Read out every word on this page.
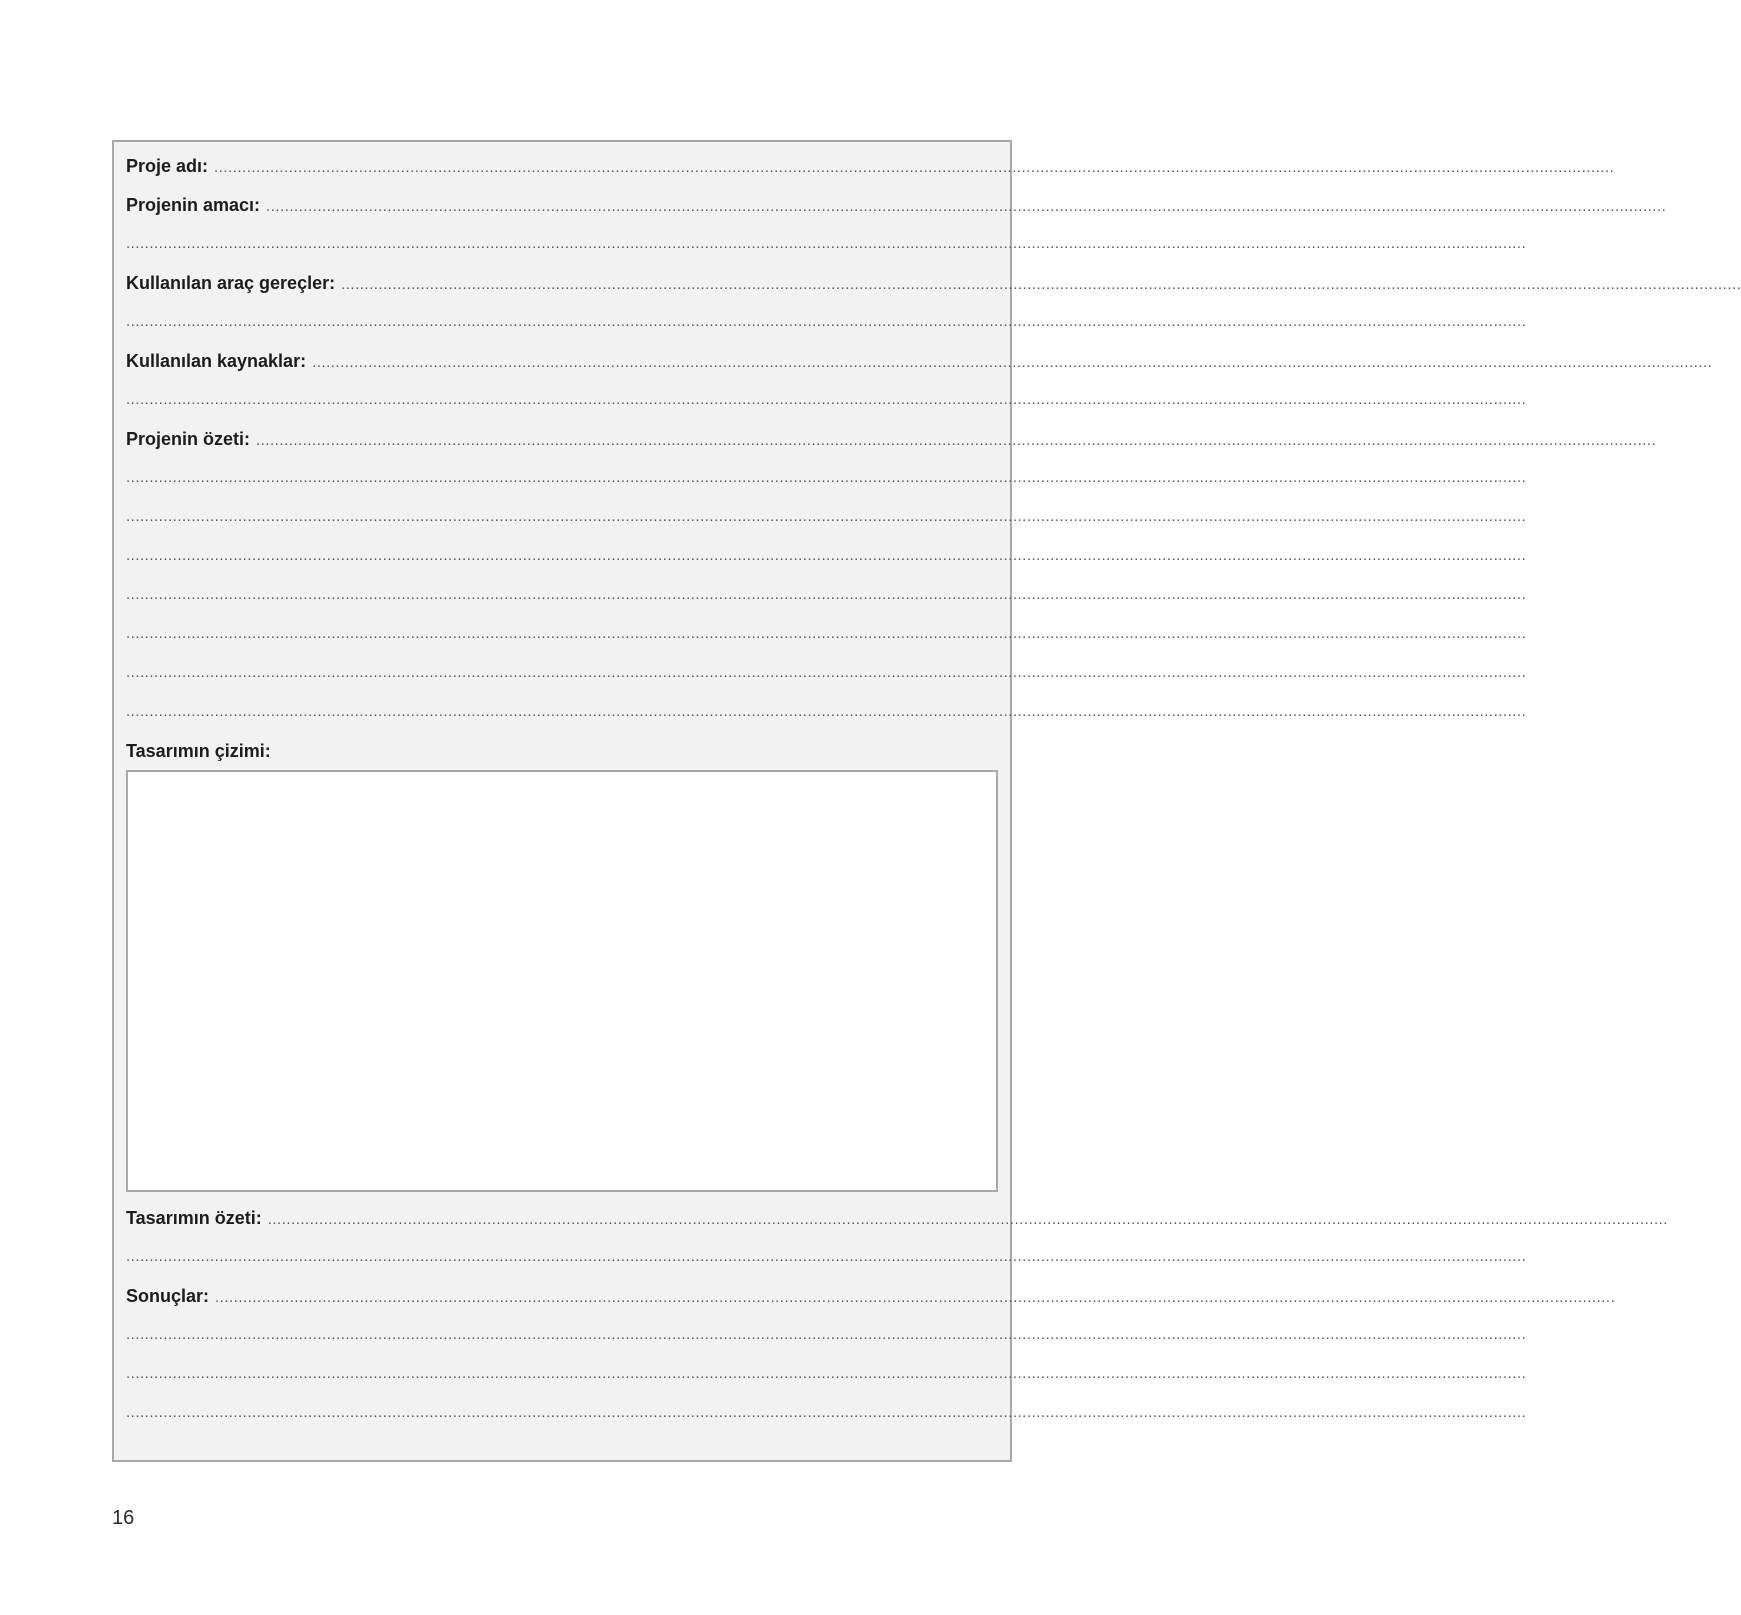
Proje adı: ............................................................................................................................................................................................................................................................................................................
Projenin amacı: ............................................................................................................................................................................................................................................................................................................
............................................................................................................................................................................................................................................................................................................
Kullanılan araç gereçler: ............................................................................................................................................................................................................................................................................................................
............................................................................................................................................................................................................................................................................................................
Kullanılan kaynaklar: ............................................................................................................................................................................................................................................................................................................
............................................................................................................................................................................................................................................................................................................
Projenin özeti: ............................................................................................................................................................................................................................................................................................................
............................................................................................................................................................................................................................................................................................................
............................................................................................................................................................................................................................................................................................................
............................................................................................................................................................................................................................................................................................................
............................................................................................................................................................................................................................................................................................................
............................................................................................................................................................................................................................................................................................................
............................................................................................................................................................................................................................................................................................................
............................................................................................................................................................................................................................................................................................................
Tasarımın çizimi:
Tasarımın özeti: ............................................................................................................................................................................................................................................................................................................
............................................................................................................................................................................................................................................................................................................
Sonuçlar: ............................................................................................................................................................................................................................................................................................................
............................................................................................................................................................................................................................................................................................................
............................................................................................................................................................................................................................................................................................................
............................................................................................................................................................................................................................................................................................................
16
